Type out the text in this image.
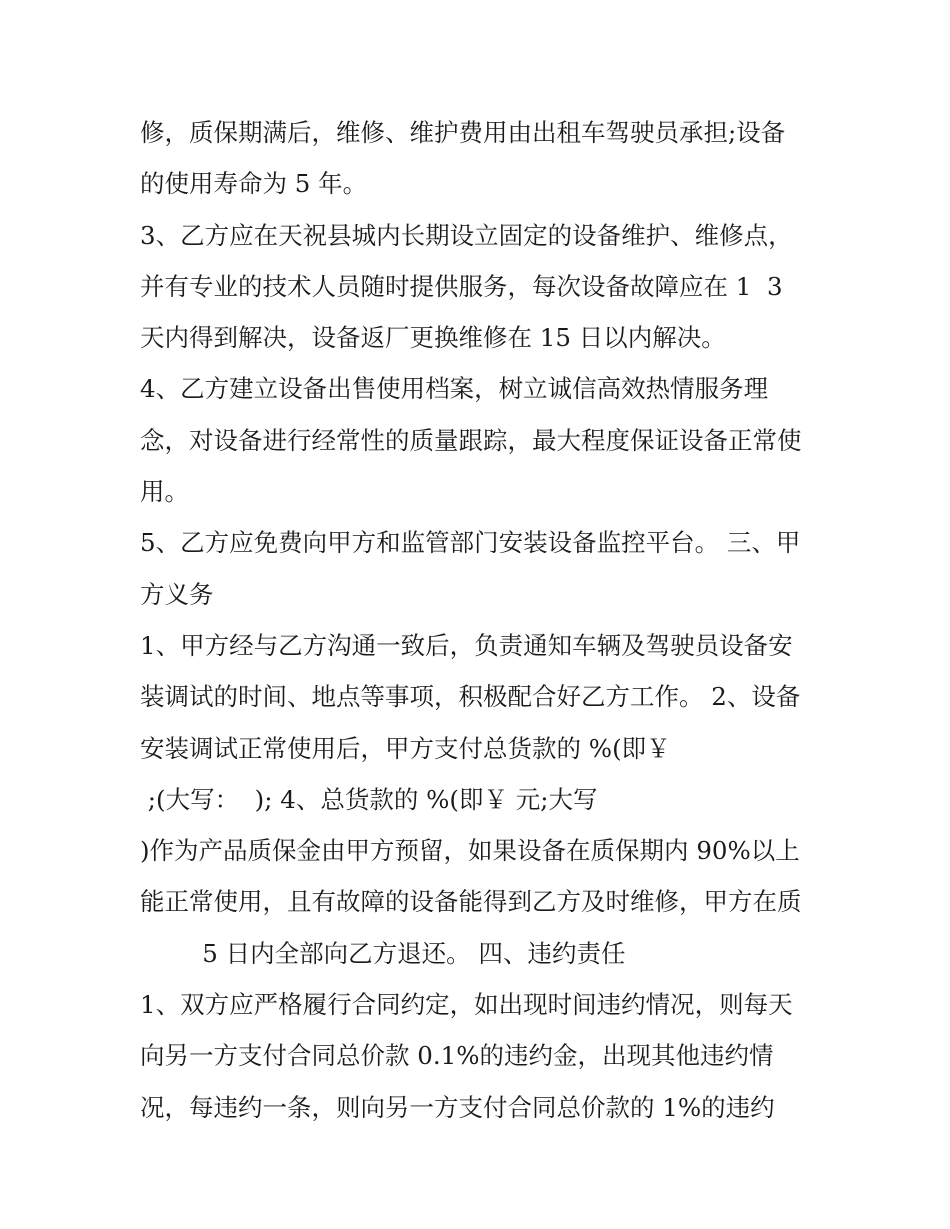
修，质保期满后，维修、维护费用由出租车驾驶员承担;设备
的使用寿命为 5 年。
3、乙方应在天祝县城内长期设立固定的设备维护、维修点，
并有专业的技术人员随时提供服务，每次设备故障应在 1  3
天内得到解决，设备返厂更换维修在 15 日以内解决。
4、乙方建立设备出售使用档案，树立诚信高效热情服务理
念，对设备进行经常性的质量跟踪，最大程度保证设备正常使
用。
5、乙方应免费向甲方和监管部门安装设备监控平台。 三、甲
方义务
1、甲方经与乙方沟通一致后，负责通知车辆及驾驶员设备安
装调试的时间、地点等事项，积极配合好乙方工作。 2、设备
安装调试正常使用后，甲方支付总货款的 %(即￥
;(大写：  ); 4、总货款的 %(即￥ 元;大写
)作为产品质保金由甲方预留，如果设备在质保期内 90%以上
能正常使用，且有故障的设备能得到乙方及时维修，甲方在质
5 日内全部向乙方退还。 四、违约责任
1、双方应严格履行合同约定，如出现时间违约情况，则每天
向另一方支付合同总价款 0.1%的违约金，出现其他违约情
况，每违约一条，则向另一方支付合同总价款的 1%的违约
